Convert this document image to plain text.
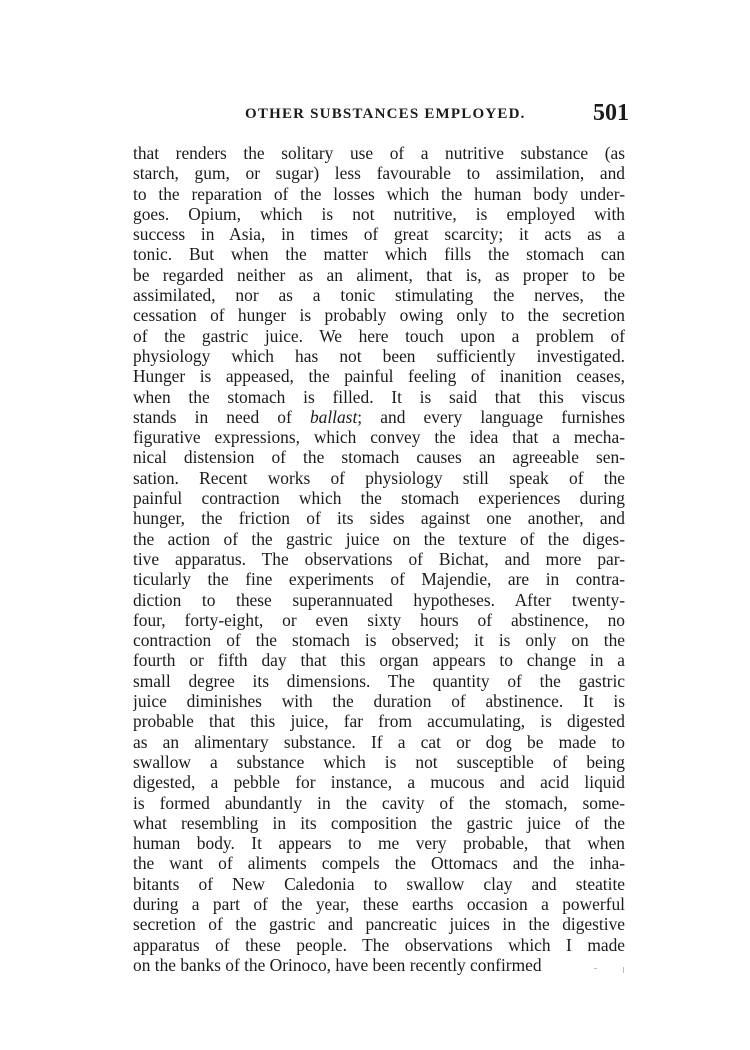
OTHER SUBSTANCES EMPLOYED.	501
that renders the solitary use of a nutritive substance (as
starch, gum, or sugar) less favourable to assimilation, and
to the reparation of the losses which the human body under-
goes. Opium, which is not nutritive, is employed with
success in Asia, in times of great scarcity; it acts as a
tonic. But when the matter which fills the stomach can
be regarded neither as an aliment, that is, as proper to be
assimilated, nor as a tonic stimulating the nerves, the
cessation of hunger is probably owing only to the secretion
of the gastric juice. We here touch upon a problem of
physiology which has not been sufficiently investigated.
Hunger is appeased, the painful feeling of inanition ceases,
when the stomach is filled. It is said that this viscus
stands in need of ballast; and every language furnishes
figurative expressions, which convey the idea that a mecha-
nical distension of the stomach causes an agreeable sen-
sation. Recent works of physiology still speak of the
painful contraction which the stomach experiences during
hunger, the friction of its sides against one another, and
the action of the gastric juice on the texture of the diges-
tive apparatus. The observations of Bichat, and more par-
ticularly the fine experiments of Majendie, are in contra-
diction to these superannuated hypotheses. After twenty-
four, forty-eight, or even sixty hours of abstinence, no
contraction of the stomach is observed; it is only on the
fourth or fifth day that this organ appears to change in a
small degree its dimensions. The quantity of the gastric
juice diminishes with the duration of abstinence. It is
probable that this juice, far from accumulating, is digested
as an alimentary substance. If a cat or dog be made to
swallow a substance which is not susceptible of being
digested, a pebble for instance, a mucous and acid liquid
is formed abundantly in the cavity of the stomach, some-
what resembling in its composition the gastric juice of the
human body. It appears to me very probable, that when
the want of aliments compels the Ottomacs and the inha-
bitants of New Caledonia to swallow clay and steatite
during a part of the year, these earths occasion a powerful
secretion of the gastric and pancreatic juices in the digestive
apparatus of these people. The observations which I made
on the banks of the Orinoco, have been recently confirmed
